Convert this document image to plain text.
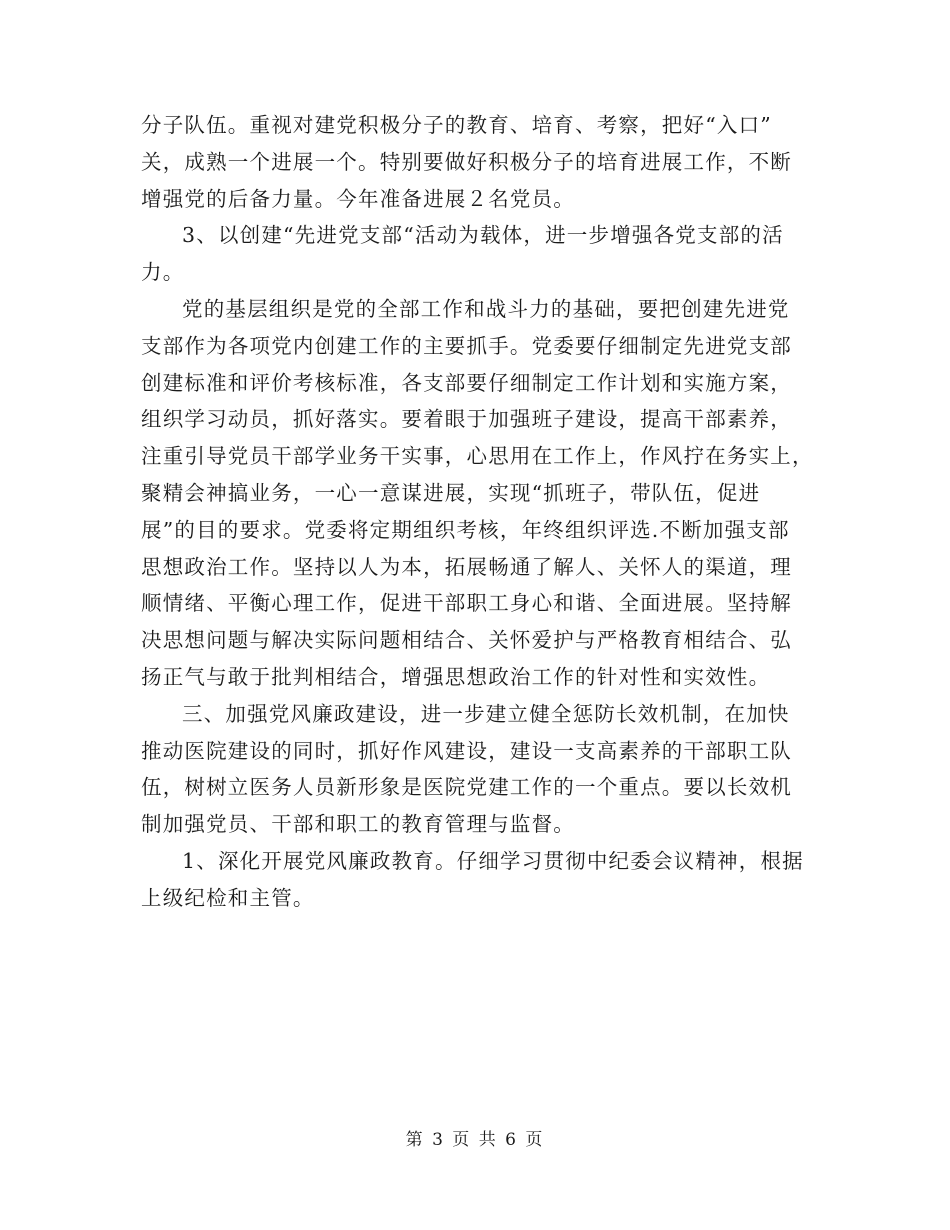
分子队伍。重视对建党积极分子的教育、培育、考察，把好“入口”
关，成熟一个进展一个。特别要做好积极分子的培育进展工作，不断
增强党的后备力量。今年准备进展２名党员。
3、以创建“先进党支部“活动为载体，进一步增强各党支部的活
力。
党的基层组织是党的全部工作和战斗力的基础，要把创建先进党
支部作为各项党内创建工作的主要抓手。党委要仔细制定先进党支部
创建标准和评价考核标准，各支部要仔细制定工作计划和实施方案，
组织学习动员，抓好落实。要着眼于加强班子建设，提高干部素养，
注重引导党员干部学业务干实事，心思用在工作上，作风拧在务实上，
聚精会神搞业务，一心一意谋进展，实现“抓班子，带队伍，促进
展”的目的要求。党委将定期组织考核，年终组织评选.不断加强支部
思想政治工作。坚持以人为本，拓展畅通了解人、关怀人的渠道，理
顺情绪、平衡心理工作，促进干部职工身心和谐、全面进展。坚持解
决思想问题与解决实际问题相结合、关怀爱护与严格教育相结合、弘
扬正气与敢于批判相结合，增强思想政治工作的针对性和实效性。
三、加强党风廉政建设，进一步建立健全惩防长效机制，在加快
推动医院建设的同时，抓好作风建设，建设一支高素养的干部职工队
伍，树树立医务人员新形象是医院党建工作的一个重点。要以长效机
制加强党员、干部和职工的教育管理与监督。
1、深化开展党风廉政教育。仔细学习贯彻中纪委会议精神，根据
上级纪检和主管。
第 3 页 共 6 页
